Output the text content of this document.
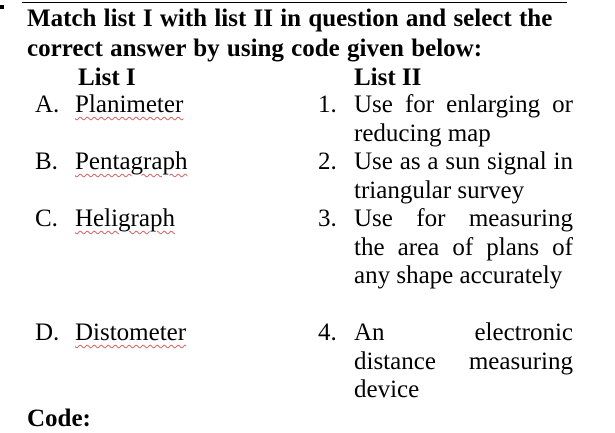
Match list I with list II in question and select the correct answer by using code given below:
List I	List II
A. Planimeter
B. Pentagraph
C. Heligraph
D. Distometer
1. Use for enlarging or reducing map
2. Use as a sun signal in triangular survey
3. Use for measuring the area of plans of any shape accurately
4. An electronic distance measuring device
Code:
